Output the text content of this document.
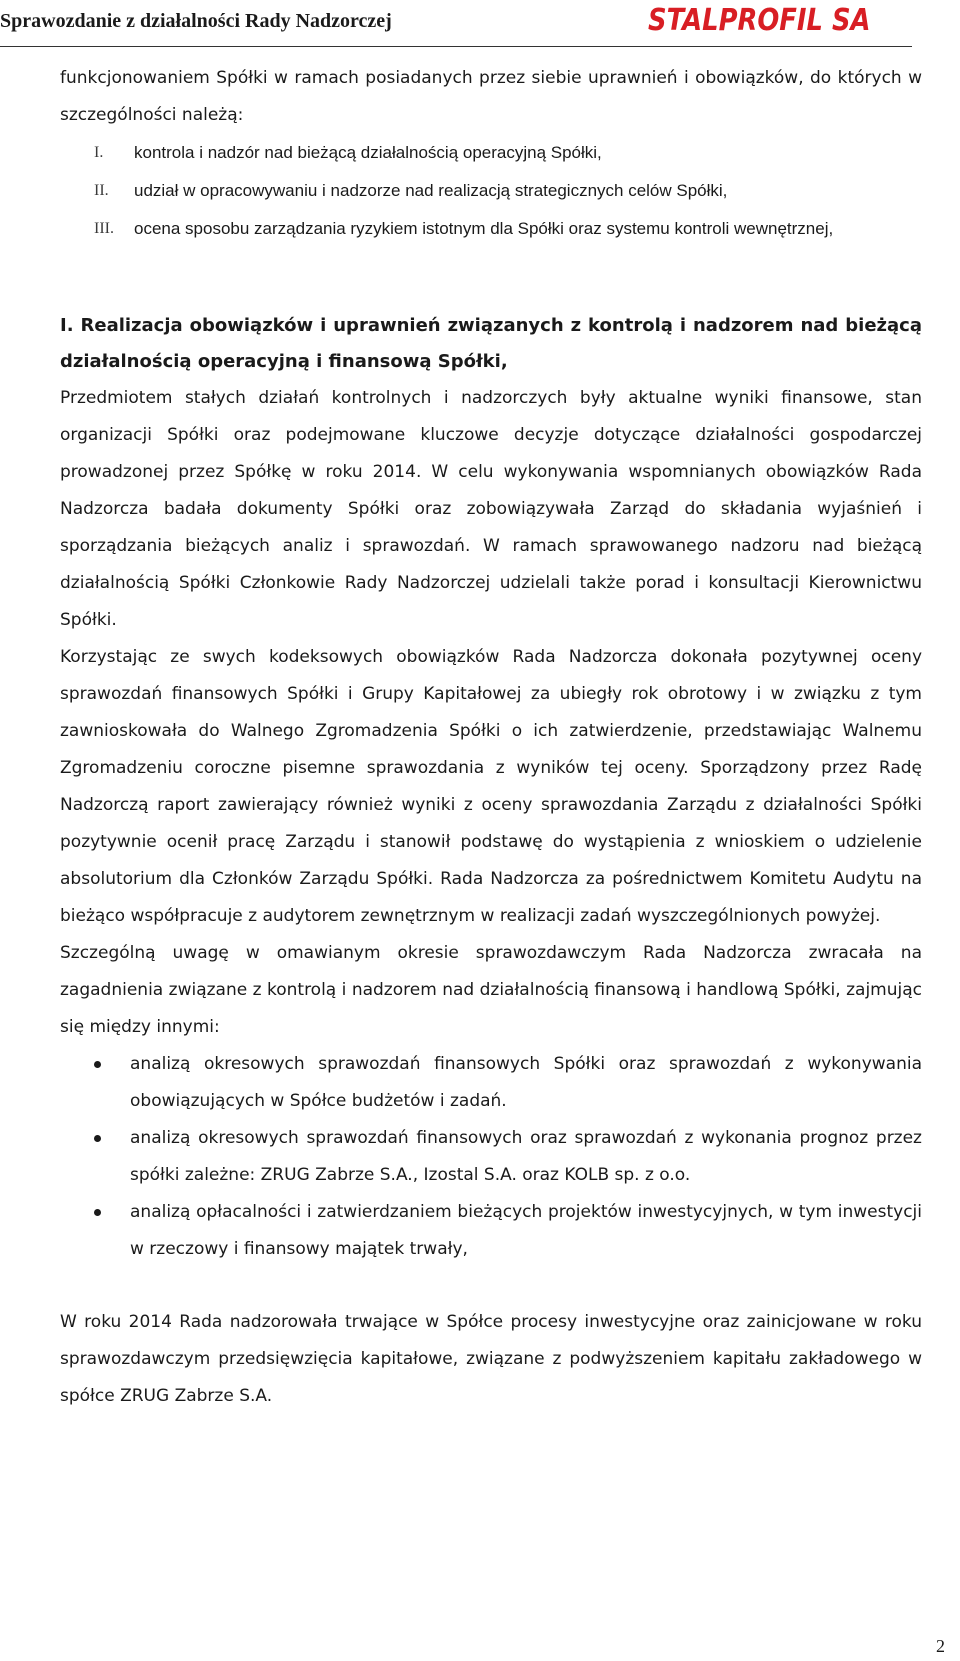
Sprawozdanie z działalności Rady Nadzorczej	STALPROFIL SA

funkcjonowaniem Spółki w ramach posiadanych przez siebie uprawnień i obowiązków, do których w szczególności należą:

I. kontrola i nadzór nad bieżącą działalnością operacyjną Spółki,
II. udział w opracowywaniu i nadzorze nad realizacją strategicznych celów Spółki,
III. ocena sposobu zarządzania ryzykiem istotnym dla Spółki oraz systemu kontroli wewnętrznej,

I. Realizacja obowiązków i uprawnień związanych z kontrolą i nadzorem nad bieżącą działalnością operacyjną i finansową Spółki,

Przedmiotem stałych działań kontrolnych i nadzorczych były aktualne wyniki finansowe, stan organizacji Spółki oraz podejmowane kluczowe decyzje dotyczące działalności gospodarczej prowadzonej przez Spółkę w roku 2014. W celu wykonywania wspomnianych obowiązków Rada Nadzorcza badała dokumenty Spółki oraz zobowiązywała Zarząd do składania wyjaśnień i sporządzania bieżących analiz i sprawozdań. W ramach sprawowanego nadzoru nad bieżącą działalnością Spółki Członkowie Rady Nadzorczej udzielali także porad i konsultacji Kierownictwu Spółki.

Korzystając ze swych kodeksowych obowiązków Rada Nadzorcza dokonała pozytywnej oceny sprawozdań finansowych Spółki i Grupy Kapitałowej za ubiegły rok obrotowy i w związku z tym zawnioskowała do Walnego Zgromadzenia Spółki o ich zatwierdzenie, przedstawiając Walnemu Zgromadzeniu coroczne pisemne sprawozdania z wyników tej oceny. Sporządzony przez Radę Nadzorczą raport zawierający również wyniki z oceny sprawozdania Zarządu z działalności Spółki pozytywnie ocenił pracę Zarządu i stanowił podstawę do wystąpienia z wnioskiem o udzielenie absolutorium dla Członków Zarządu Spółki. Rada Nadzorcza za pośrednictwem Komitetu Audytu na bieżąco współpracuje z audytorem zewnętrznym w realizacji zadań wyszczególnionych powyżej.

Szczególną uwagę w omawianym okresie sprawozdawczym Rada Nadzorcza zwracała na zagadnienia związane z kontrolą i nadzorem nad działalnością finansową i handlową Spółki, zajmując się między innymi:

analizą okresowych sprawozdań finansowych Spółki oraz sprawozdań z wykonywania obowiązujących w Spółce budżetów i zadań.
analizą okresowych sprawozdań finansowych oraz sprawozdań z wykonania prognoz przez spółki zależne: ZRUG Zabrze S.A., Izostal S.A. oraz KOLB sp. z o.o.
analizą opłacalności i zatwierdzaniem bieżących projektów inwestycyjnych, w tym inwestycji w rzeczowy i finansowy majątek trwały,

W roku 2014 Rada nadzorowała trwające w Spółce procesy inwestycyjne oraz zainicjowane w roku sprawozdawczym przedsięwzięcia kapitałowe, związane z podwyższeniem kapitału zakładowego w spółce ZRUG Zabrze S.A.

2
